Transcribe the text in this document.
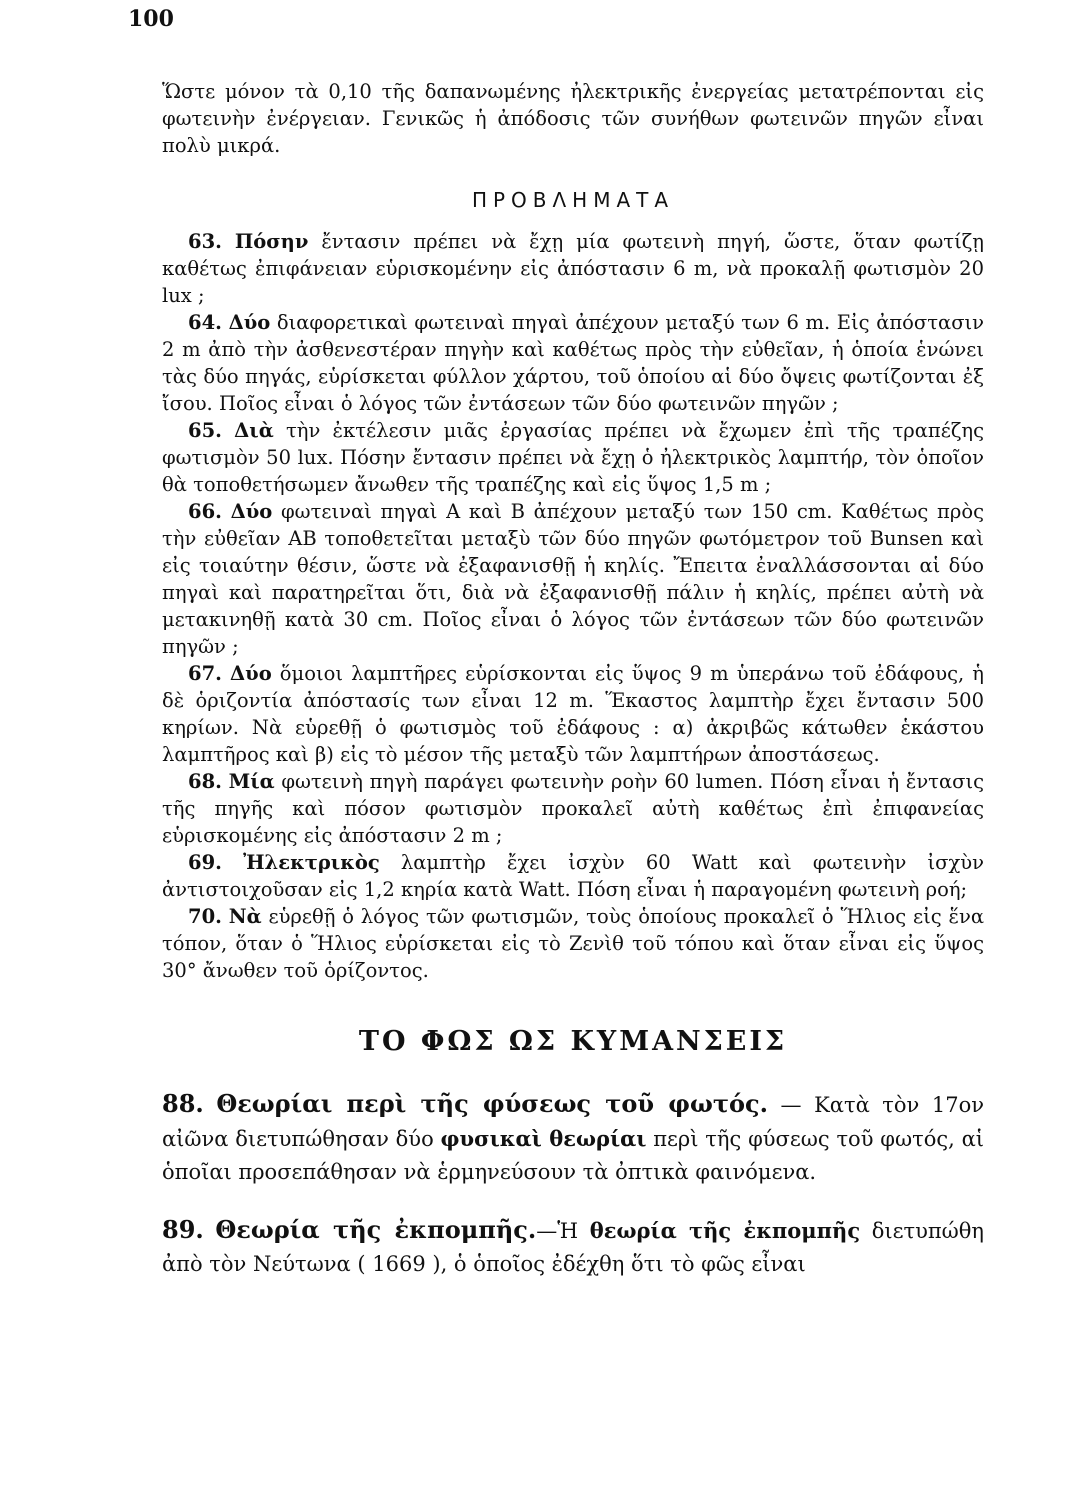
100

Ὥστε μόνον τὰ 0,10 τῆς δαπανωμένης ἠλεκτρικῆς ἐνεργείας μετατρέπονται εἰς φωτεινὴν ἐνέργειαν. Γενικῶς ἡ ἀπόδοσις τῶν συνήθων φωτεινῶν πηγῶν εἶναι πολὺ μικρά.

ΠΡΟΒΛΗΜΑΤΑ

63. Πόσην ἔντασιν πρέπει νὰ ἔχῃ μία φωτεινὴ πηγή, ὥστε, ὅταν φωτίζῃ καθέτως ἐπιφάνειαν εὑρισκομένην εἰς ἀπόστασιν 6 m, νὰ προκαλῇ φωτισμὸν 20 lux ;

64. Δύο διαφορετικαὶ φωτειναὶ πηγαὶ ἀπέχουν μεταξύ των 6 m. Εἰς ἀπόστασιν 2 m ἀπὸ τὴν ἀσθενεστέραν πηγὴν καὶ καθέτως πρὸς τὴν εὐθεῖαν, ἡ ὁποία ἑνώνει τὰς δύο πηγάς, εὑρίσκεται φύλλον χάρτου, τοῦ ὁποίου αἱ δύο ὄψεις φωτίζονται ἐξ ἴσου. Ποῖος εἶναι ὁ λόγος τῶν ἐντάσεων τῶν δύο φωτεινῶν πηγῶν ;

65. Διὰ τὴν ἐκτέλεσιν μιᾶς ἐργασίας πρέπει νὰ ἔχωμεν ἐπὶ τῆς τραπέζης φωτισμὸν 50 lux. Πόσην ἔντασιν πρέπει νὰ ἔχῃ ὁ ἠλεκτρικὸς λαμπτήρ, τὸν ὁποῖον θὰ τοποθετήσωμεν ἄνωθεν τῆς τραπέζης καὶ εἰς ὕψος 1,5 m ;

66. Δύο φωτειναὶ πηγαὶ Α καὶ Β ἀπέχουν μεταξύ των 150 cm. Καθέτως πρὸς τὴν εὐθεῖαν ΑΒ τοποθετεῖται μεταξὺ τῶν δύο πηγῶν φωτόμετρον τοῦ Bunsen καὶ εἰς τοιαύτην θέσιν, ὥστε νὰ ἐξαφανισθῇ ἡ κηλίς. Ἔπειτα ἐναλλάσσονται αἱ δύο πηγαὶ καὶ παρατηρεῖται ὅτι, διὰ νὰ ἐξαφανισθῇ πάλιν ἡ κηλίς, πρέπει αὐτὴ νὰ μετακινηθῇ κατὰ 30 cm. Ποῖος εἶναι ὁ λόγος τῶν ἐντάσεων τῶν δύο φωτεινῶν πηγῶν ;

67. Δύο ὅμοιοι λαμπτῆρες εὑρίσκονται εἰς ὕψος 9 m ὑπεράνω τοῦ ἐδάφους, ἡ δὲ ὁριζοντία ἀπόστασίς των εἶναι 12 m. Ἕκαστος λαμπτὴρ ἔχει ἔντασιν 500 κηρίων. Νὰ εὑρεθῇ ὁ φωτισμὸς τοῦ ἐδάφους : α) ἀκριβῶς κάτωθεν ἑκάστου λαμπτῆρος καὶ β) εἰς τὸ μέσον τῆς μεταξὺ τῶν λαμπτήρων ἀποστάσεως.

68. Μία φωτεινὴ πηγὴ παράγει φωτεινὴν ροὴν 60 lumen. Πόση εἶναι ἡ ἔντασις τῆς πηγῆς καὶ πόσον φωτισμὸν προκαλεῖ αὐτὴ καθέτως ἐπὶ ἐπιφανείας εὑρισκομένης εἰς ἀπόστασιν 2 m ;

69. Ἠλεκτρικὸς λαμπτὴρ ἔχει ἰσχὺν 60 Watt καὶ φωτεινὴν ἰσχὺν ἀντιστοιχοῦσαν εἰς 1,2 κηρία κατὰ Watt. Πόση εἶναι ἡ παραγομένη φωτεινὴ ροή;

70. Νὰ εὑρεθῇ ὁ λόγος τῶν φωτισμῶν, τοὺς ὁποίους προκαλεῖ ὁ Ἥλιος εἰς ἕνα τόπον, ὅταν ὁ Ἥλιος εὑρίσκεται εἰς τὸ Ζενὶθ τοῦ τόπου καὶ ὅταν εἶναι εἰς ὕψος 30° ἄνωθεν τοῦ ὁρίζοντος.

ΤΟ ΦΩΣ ΩΣ ΚΥΜΑΝΣΕΙΣ

88. Θεωρίαι περὶ τῆς φύσεως τοῦ φωτός. — Κατὰ τὸν 17ον αἰῶνα διετυπώθησαν δύο φυσικαὶ θεωρίαι περὶ τῆς φύσεως τοῦ φωτός, αἱ ὁποῖαι προσεπάθησαν νὰ ἑρμηνεύσουν τὰ ὀπτικὰ φαινόμενα.

89. Θεωρία τῆς ἐκπομπῆς.—Ἡ θεωρία τῆς ἐκπομπῆς διετυπώθη ἀπὸ τὸν Νεύτωνα ( 1669 ), ὁ ὁποῖος ἐδέχθη ὅτι τὸ φῶς εἶναι
